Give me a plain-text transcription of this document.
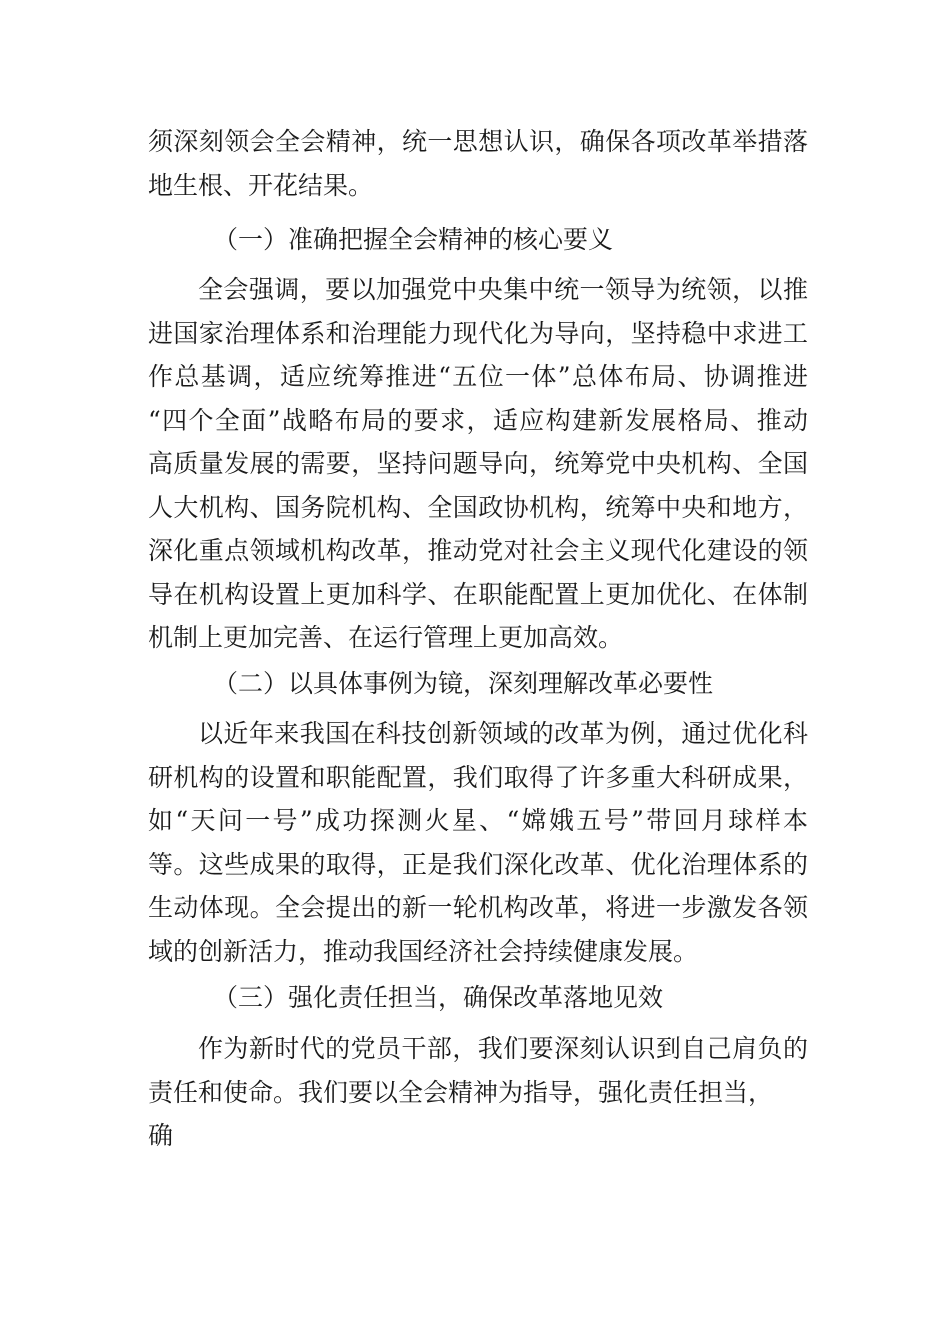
须深刻领会全会精神，统一思想认识，确保各项改革举措落
地生根、开花结果。
（一）准确把握全会精神的核心要义
全会强调，要以加强党中央集中统一领导为统领，以推
进国家治理体系和治理能力现代化为导向，坚持稳中求进工
作总基调，适应统筹推进“五位一体”总体布局、协调推进
“四个全面”战略布局的要求，适应构建新发展格局、推动
高质量发展的需要，坚持问题导向，统筹党中央机构、全国
人大机构、国务院机构、全国政协机构，统筹中央和地方，
深化重点领域机构改革，推动党对社会主义现代化建设的领
导在机构设置上更加科学、在职能配置上更加优化、在体制
机制上更加完善、在运行管理上更加高效。
（二）以具体事例为镜，深刻理解改革必要性
以近年来我国在科技创新领域的改革为例，通过优化科
研机构的设置和职能配置，我们取得了许多重大科研成果，
如“天问一号”成功探测火星、“嫦娥五号”带回月球样本
等。这些成果的取得，正是我们深化改革、优化治理体系的
生动体现。全会提出的新一轮机构改革，将进一步激发各领
域的创新活力，推动我国经济社会持续健康发展。
（三）强化责任担当，确保改革落地见效
作为新时代的党员干部，我们要深刻认识到自己肩负的
责任和使命。我们要以全会精神为指导，强化责任担当，
确
